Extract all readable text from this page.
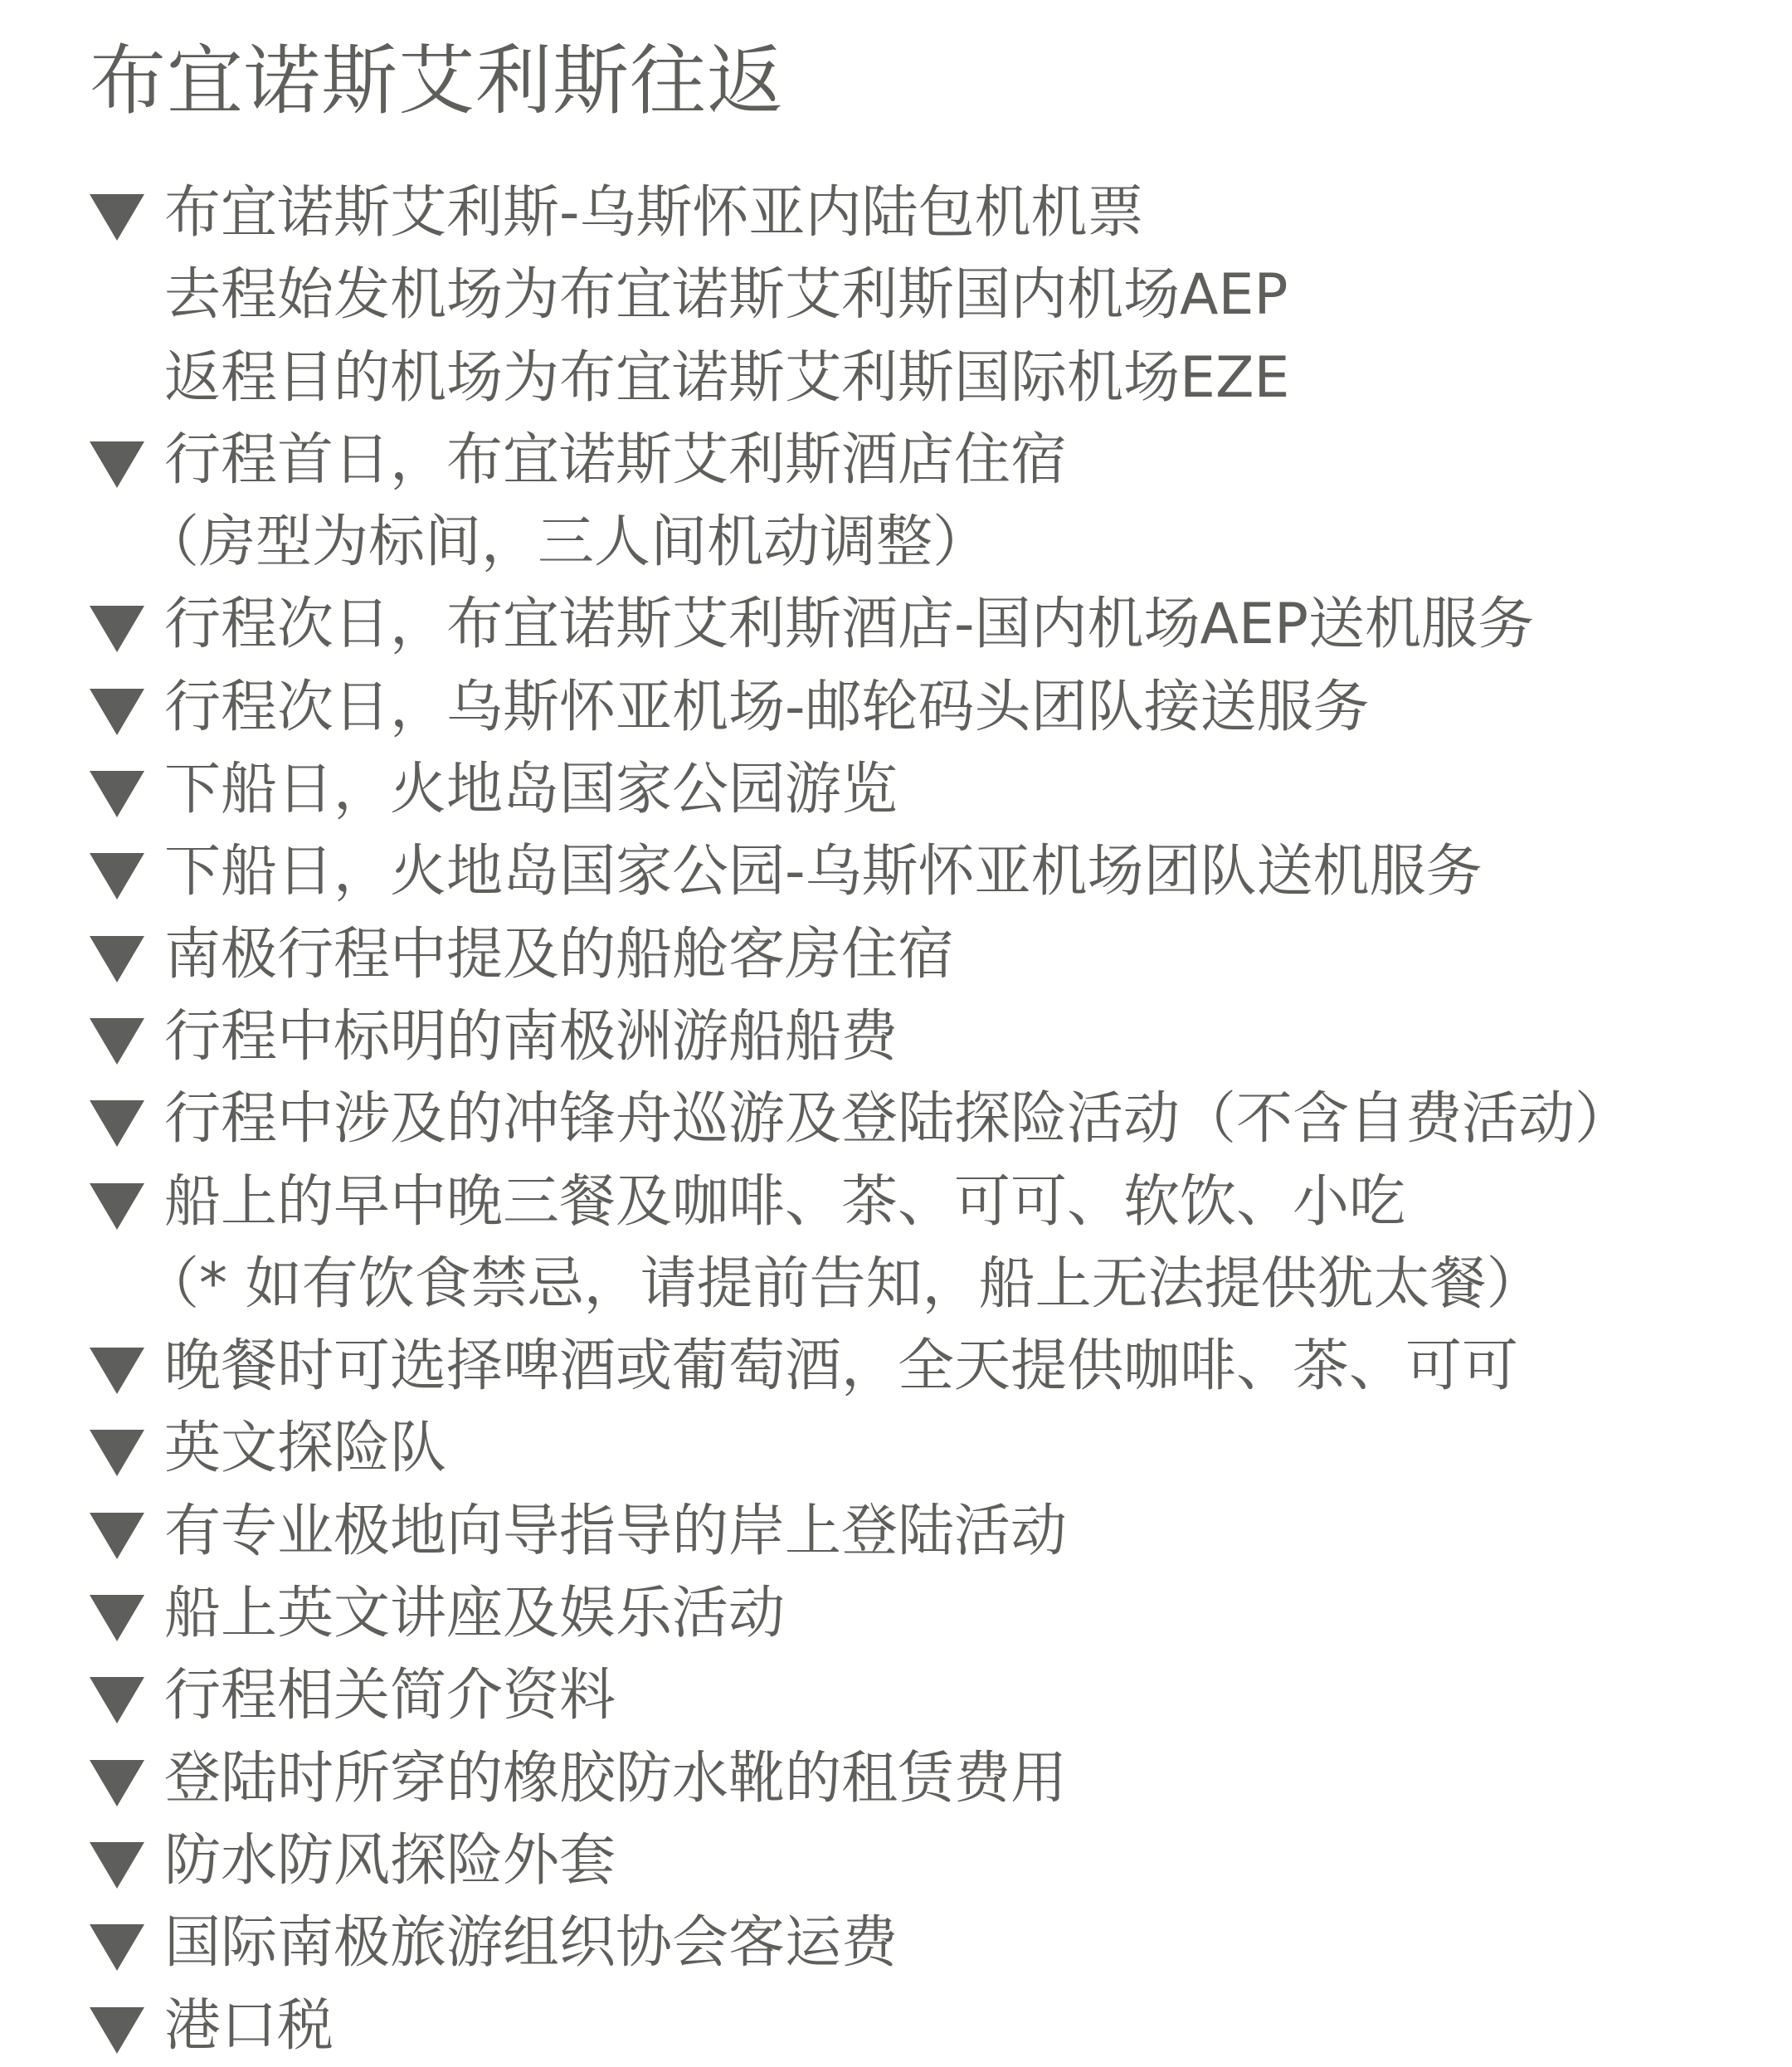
布宜诺斯艾利斯往返
布宜诺斯艾利斯-乌斯怀亚内陆包机机票
去程始发机场为布宜诺斯艾利斯国内机场AEP
返程目的机场为布宜诺斯艾利斯国际机场EZE
行程首日，布宜诺斯艾利斯酒店住宿
（房型为标间，三人间机动调整）
行程次日，布宜诺斯艾利斯酒店-国内机场AEP送机服务
行程次日，乌斯怀亚机场-邮轮码头团队接送服务
下船日，火地岛国家公园游览
下船日，火地岛国家公园-乌斯怀亚机场团队送机服务
南极行程中提及的船舱客房住宿
行程中标明的南极洲游船船费
行程中涉及的冲锋舟巡游及登陆探险活动（不含自费活动）
船上的早中晚三餐及咖啡、茶、可可、软饮、小吃
（* 如有饮食禁忌，请提前告知，船上无法提供犹太餐）
晚餐时可选择啤酒或葡萄酒，全天提供咖啡、茶、可可
英文探险队
有专业极地向导指导的岸上登陆活动
船上英文讲座及娱乐活动
行程相关简介资料
登陆时所穿的橡胶防水靴的租赁费用
防水防风探险外套
国际南极旅游组织协会客运费
港口税
